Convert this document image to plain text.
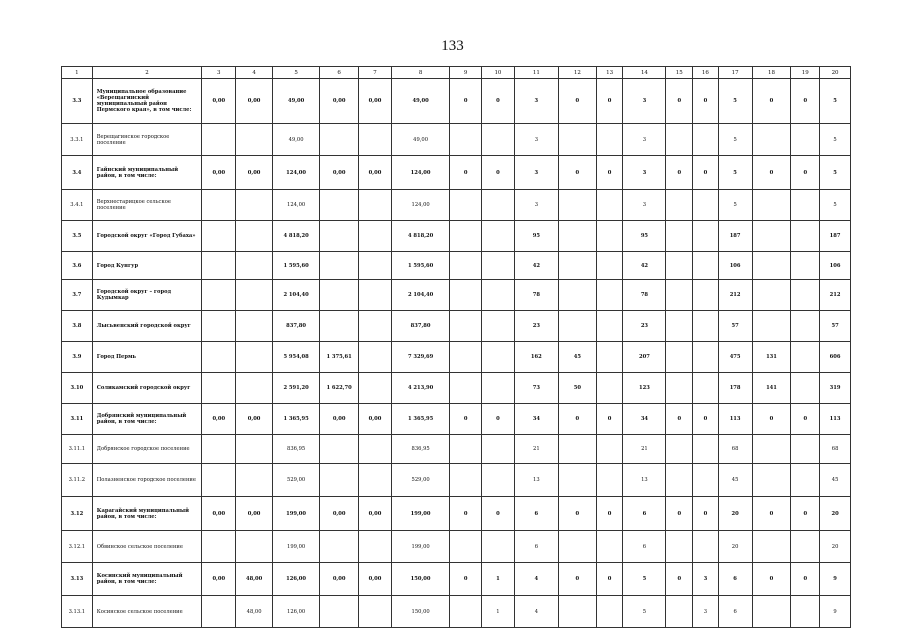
133
1	2	3	4	5	6	7	8	9	10	11	12	13	14	15	16	17	18	19	20
3.3	Муниципальное образование «Верещагинский муниципальный район Пермского края», в том числе:	0,00	0,00	49,00	0,00	0,00	49,00	0	0	3	0	0	3	0	0	5	0	0	5
3.3.1	Верещагинское городское поселение			49,00			49,00			3			3			5			5
3.4	Гайнский муниципальный район, в том числе:	0,00	0,00	124,00	0,00	0,00	124,00	0	0	3	0	0	3	0	0	5	0	0	5
3.4.1	Верхнестарицкое сельское поселение			124,00			124,00			3			3			5			5
3.5	Городской округ «Город Губаха»			4 818,20			4 818,20			95			95			187			187
3.6	Город Кунгур			1 595,60			1 595,60			42			42			106			106
3.7	Городской округ – город Кудымкар			2 104,40			2 104,40			78			78			212			212
3.8	Лысьвенский городской округ			837,80			837,80			23			23			57			57
3.9	Город Пермь			5 954,08	1 375,61		7 329,69			162	45		207			475	131		606
3.10	Соликамский городской округ			2 591,20	1 622,70		4 213,90			73	50		123			178	141		319
3.11	Добрянский муниципальный район, в том числе:	0,00	0,00	1 365,95	0,00	0,00	1 365,95	0	0	34	0	0	34	0	0	113	0	0	113
3.11.1	Добрянское городское поселение			836,95			836,95			21			21			68			68
3.11.2	Полазненское городское поселение			529,00			529,00			13			13			45			45
3.12	Карагайский муниципальный район, в том числе:	0,00	0,00	199,00	0,00	0,00	199,00	0	0	6	0	0	6	0	0	20	0	0	20
3.12.1	Обвинское сельское поселение			199,00			199,00			6			6			20			20
3.13	Косинский муниципальный район, в том числе:	0,00	48,00	126,00	0,00	0,00	150,00	0	1	4	0	0	5	0	3	6	0	0	9
3.13.1	Косинское сельское поселение		48,00	126,00			150,00		1	4			5		3	6			9
